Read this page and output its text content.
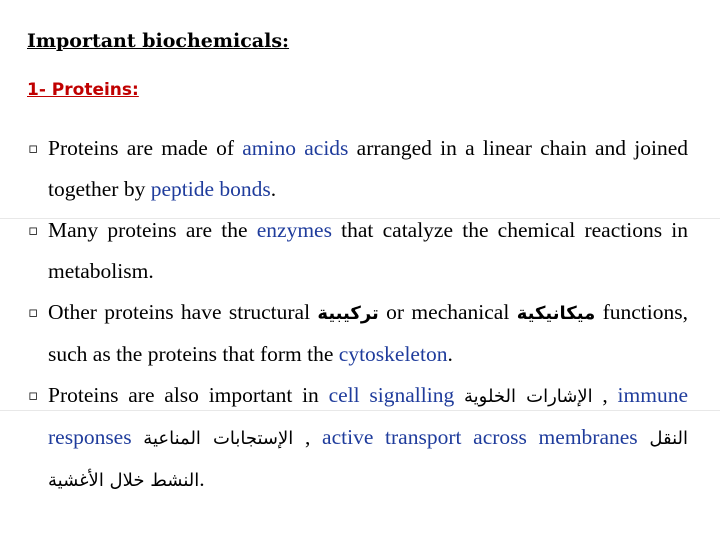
Important biochemicals:
1- Proteins:
▫ Proteins are made of amino acids arranged in a linear chain and joined together by peptide bonds.
▫ Many proteins are the enzymes that catalyze the chemical reactions in metabolism.
▫ Other proteins have structural تركيبية or mechanical ميكانيكية functions, such as the proteins that form the cytoskeleton.
▫ Proteins are also important in cell signalling الإشارات الخلوية , immune responses الإستجابات المناعية , active transport across membranes النقل النشط خلال الأغشية.
